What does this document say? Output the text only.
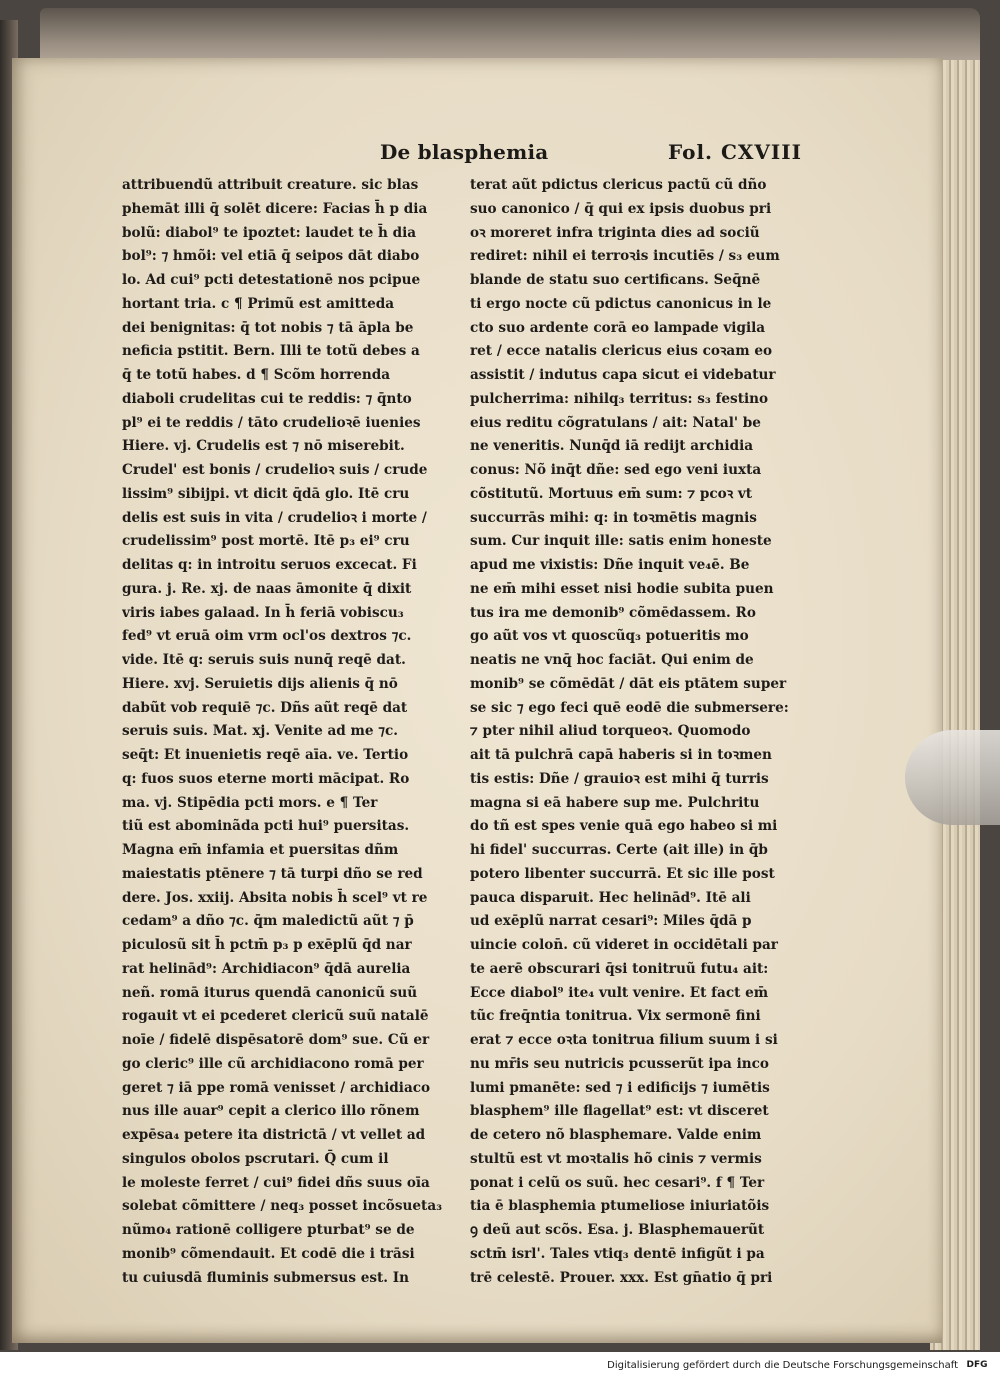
De blasphemia	Fol. CXVIII
attribuendũ attribuit creature. sic blas
phemāt illi q̄ solēt dicere: Facias h̄ p dia
bolũ: diabol⁹ te ipoztet: laudet te h̄ dia
bol⁹: ⁊ hmõi: vel etiā q̄ seipos dāt diabo
lo. Ad cui⁹ pcti detestationē nos pcipue
hortant tria. c ¶ Primũ est amitteda
dei benignitas: q̄ tot nobis ⁊ tā āpla be
neficia pstitit. Bern. Illi te totũ debes a
q̄ te totũ habes. d ¶ Scõm horrenda
diaboli crudelitas cui te reddis: ⁊ q̄nto
pl⁹ ei te reddis / tāto crudelioꝛē iuenies
Hiere. vj. Crudelis est ⁊ nō miserebit.
Crudel' est bonis / crudelioꝛ suis / crude
lissim⁹ sibijpi. vt dicit q̄dā glo. Itē cru
delis est suis in vita / crudelioꝛ i morte /
crudelissim⁹ post mortē. Itē p₃ ei⁹ cru
delitas q: in introitu seruos excecat. Fi
gura. j. Re. xj. de naas āmonite q̄ dixit
viris iabes galaad. In h̄ feriā vobiscu₃
fed⁹ vt eruā oim vrm ocl'os dextros ⁊c.
vide. Itē q: seruis suis nunq̄ reqē dat.
Hiere. xvj. Seruietis dijs alienis q̄ nō
dabũt vob requiē ⁊c. Dñs aũt reqē dat
seruis suis. Mat. xj. Venite ad me ⁊c.
seq̄t: Et inuenietis reqē aīa. ve. Tertio
q: fuos suos eterne morti mācipat. Ro
ma. vj. Stipēdia pcti mors. e ¶ Ter
tiũ est abominãda pcti hui⁹ puersitas.
Magna em̄ infamia et puersitas dñm
maiestatis ptēnere ⁊ tā turpi dño se red
dere. Jos. xxiij. Absita nobis h̄ scel⁹ vt re
cedam⁹ a dño ⁊c. q̄m maledictũ aũt ⁊ p̄
piculosũ sit h̄ pctm̄ p₃ p exēplũ q̄d nar
rat helinād⁹: Archidiacon⁹ q̄dā aurelia
neñ. romā iturus quendā canonicũ suũ
rogauit vt ei pcederet clericũ suũ natalē
noīe / fidelē dispēsatorē dom⁹ sue. Cũ er
go cleric⁹ ille cũ archidiacono romā per
geret ⁊ iā ppe romā venisset / archidiaco
nus ille auar⁹ cepit a clerico illo rõnem
expēsa₄ petere ita districtā / vt vellet ad
singulos obolos pscrutari. Q̄ cum il
le moleste ferret / cui⁹ fidei dñs suus oīa
solebat cõmittere / neq₃ posset incõsueta₃
nũmo₄ rationē colligere pturbat⁹ se de
monib⁹ cõmendauit. Et codē die i trāsi
tu cuiusdā fluminis submersus est. In
terat aũt pdictus clericus pactũ cũ dño
suo canonico / q̄ qui ex ipsis duobus pri
oꝛ moreret infra triginta dies ad sociũ
rediret: nihil ei terroꝛis incutiēs / s₃ eum
blande de statu suo certificans. Seq̄nē
ti ergo nocte cũ pdictus canonicus in le
cto suo ardente corā eo lampade vigila
ret / ecce natalis clericus eius coꝛam eo
assistit / indutus capa sicut ei videbatur
pulcherrima: nihilq₃ territus: s₃ festino
eius reditu cõgratulans / ait: Natal' be
ne veneritis. Nunq̄d iā redijt archidia
conus: Nõ inq̄t dñe: sed ego veni iuxta
cõstitutũ. Mortuus em̄ sum: ⁊ pcoꝛ vt
succurrās mihi: q: in toꝛmētis magnis
sum. Cur inquit ille: satis enim honeste
apud me vixistis: Dñe inquit ve₄ē. Be
ne em̄ mihi esset nisi hodie subita puen
tus ira me demonib⁹ cõmēdassem. Ro
go aũt vos vt quoscũq₃ potueritis mo
neatis ne vnq̄ hoc faciāt. Qui enim de
monib⁹ se cõmēdāt / dāt eis ptātem super
se sic ⁊ ego feci quē eodē die submersere:
⁊ pter nihil aliud torqueoꝛ. Quomodo
ait tā pulchrā capā haberis si in toꝛmen
tis estis: Dñe / grauioꝛ est mihi q̄ turris
magna si eā habere sup me. Pulchritu
do tñ est spes venie quā ego habeo si mi
hi fidel' succurras. Certe (ait ille) in q̄b
potero libenter succurrā. Et sic ille post
pauca disparuit. Hec helinād⁹. Itē ali
ud exēplũ narrat cesari⁹: Miles q̄dā p
uincie colon̄. cũ videret in occidētali par
te aerē obscurari q̄si tonitruũ futu₄ ait:
Ecce diabol⁹ ite₄ vult venire. Et fact em̄
tũc freq̄ntia tonitrua. Vix sermonē fini
erat ⁊ ecce oꝛta tonitrua filium suum i si
nu mr̄is seu nutricis pcusserũt ipa inco
lumi pmanēte: sed ⁊ i edificijs ⁊ iumētis
blasphem⁹ ille flagellat⁹ est: vt disceret
de cetero nõ blasphemare. Valde enim
stultũ est vt moꝛtalis hõ cinis ⁊ vermis
ponat i celũ os suũ. hec cesari⁹. f ¶ Ter
tia ē blasphemia ptumeliose iniuriatõis
ꝯ deũ aut scõs. Esa. j. Blasphemauerũt
sctm̄ isrl'. Tales vtiq₃ dentē infigũt i pa
trē celestē. Prouer. xxx. Est gn̄atio q̄ pri
Digitalisierung gefördert durch die Deutsche Forschungsgemeinschaft DFG
